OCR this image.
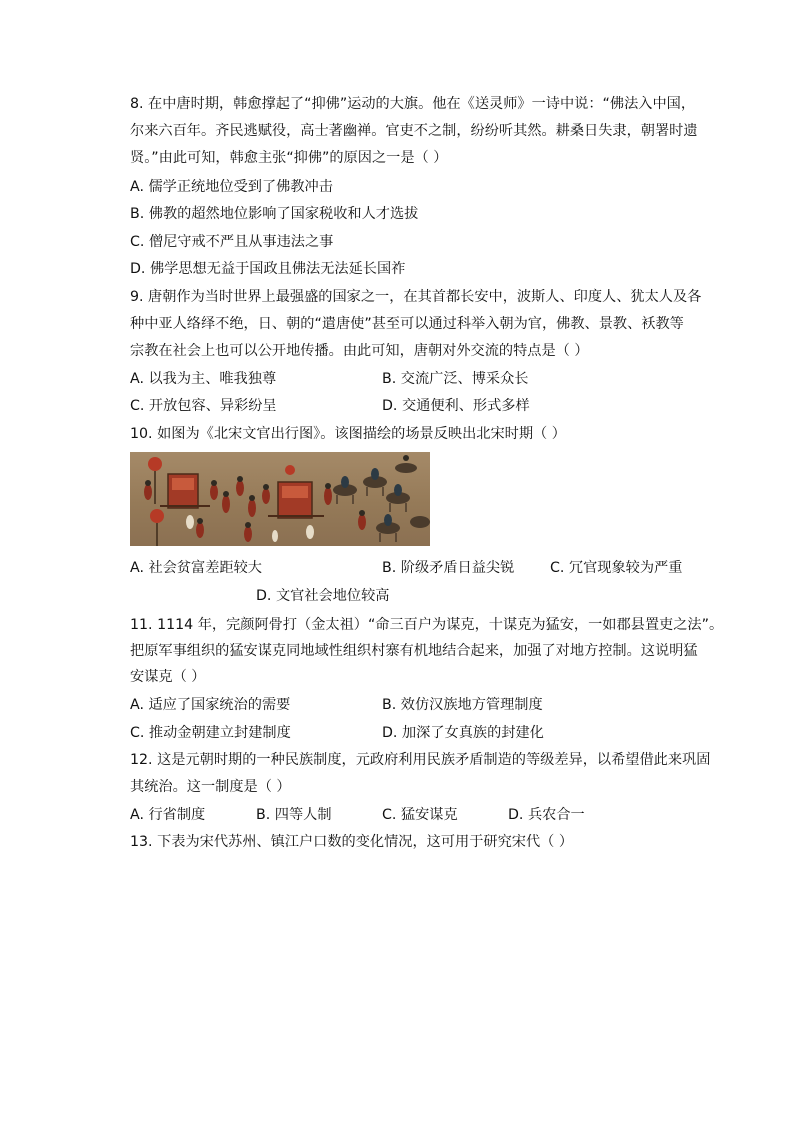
8. 在中唐时期，韩愈撑起了“抑佛”运动的大旗。他在《送灵师》一诗中说：“佛法入中国，
尔来六百年。齐民逃赋役，高士著幽禅。官吏不之制，纷纷听其然。耕桑日失隶，朝署时遗
贤。”由此可知，韩愈主张“抑佛”的原因之一是（ ）
A. 儒学正统地位受到了佛教冲击
B. 佛教的超然地位影响了国家税收和人才选拔
C. 僧尼守戒不严且从事违法之事
D. 佛学思想无益于国政且佛法无法延长国祚
9. 唐朝作为当时世界上最强盛的国家之一，在其首都长安中，波斯人、印度人、犹太人及各
种中亚人络绎不绝，日、朝的“遣唐使”甚至可以通过科举入朝为官，佛教、景教、袄教等
宗教在社会上也可以公开地传播。由此可知，唐朝对外交流的特点是（ ）
A. 以我为主、唯我独尊	B. 交流广泛、博采众长
C. 开放包容、异彩纷呈	D. 交通便利、形式多样
10. 如图为《北宋文官出行图》。该图描绘的场景反映出北宋时期（ ）
A. 社会贫富差距较大	B. 阶级矛盾日益尖锐	C. 冗官现象较为严重
D. 文官社会地位较高
11. 1114 年，完颜阿骨打（金太祖）“命三百户为谋克，十谋克为猛安，一如郡县置吏之法”。
把原军事组织的猛安谋克同地域性组织村寨有机地结合起来，加强了对地方控制。这说明猛
安谋克（ ）
A. 适应了国家统治的需要	B. 效仿汉族地方管理制度
C. 推动金朝建立封建制度	D. 加深了女真族的封建化
12. 这是元朝时期的一种民族制度，元政府利用民族矛盾制造的等级差异，以希望借此来巩固
其统治。这一制度是（ ）
A. 行省制度	B. 四等人制	C. 猛安谋克	D. 兵农合一
13. 下表为宋代苏州、镇江户口数的变化情况，这可用于研究宋代（ ）
